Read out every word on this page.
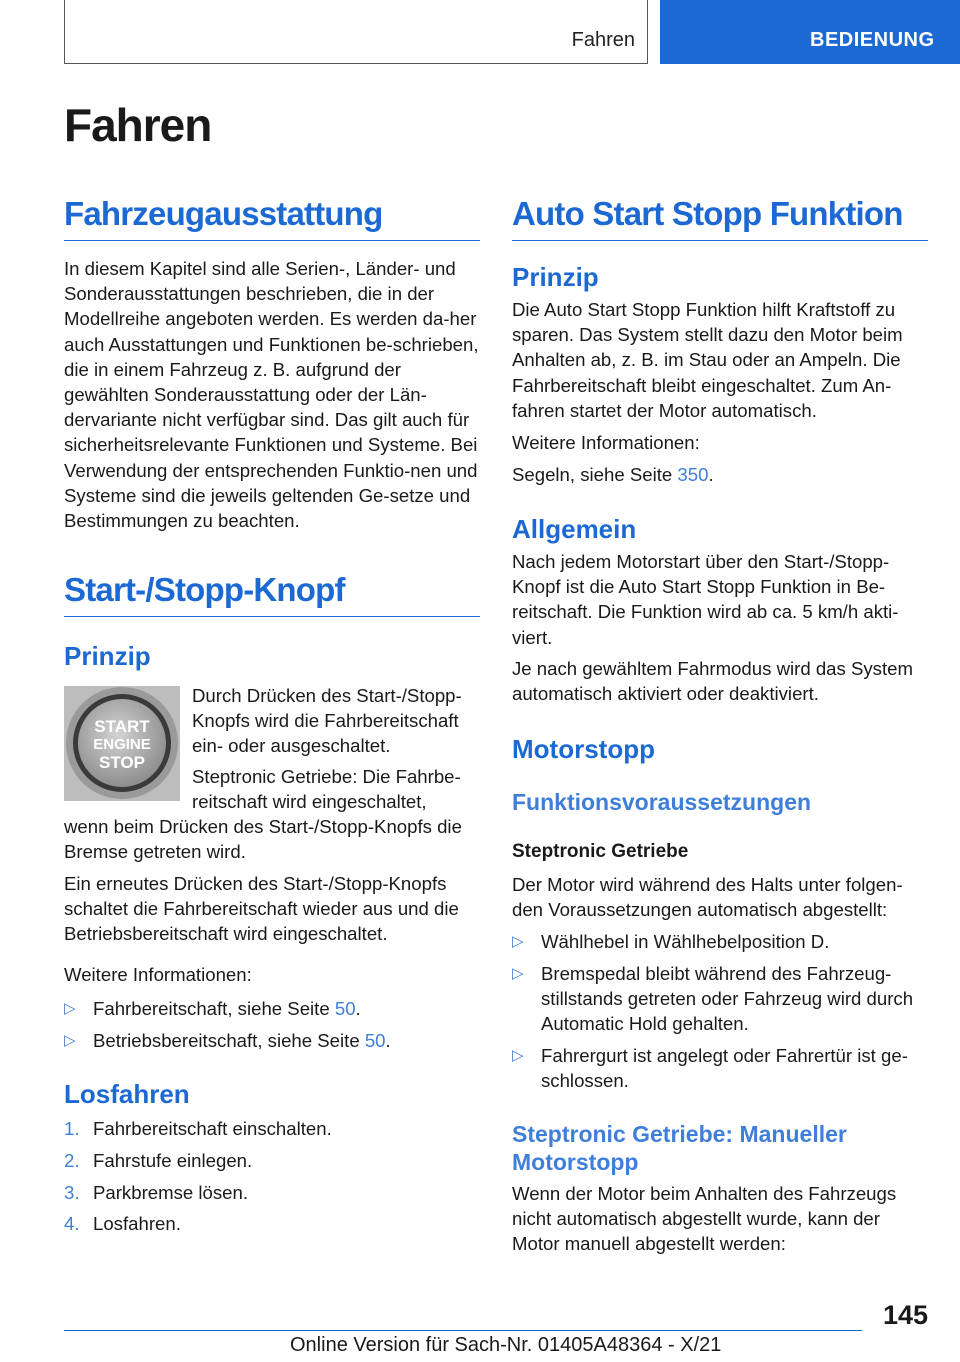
Fahren	BEDIENUNG
Fahren
Fahrzeugausstattung

In diesem Kapitel sind alle Serien-, Länder- und Sonderausstattungen beschrieben, die in der Modellreihe angeboten werden. Es werden da-her auch Ausstattungen und Funktionen be-schrieben, die in einem Fahrzeug z. B. aufgrund der gewählten Sonderausstattung oder der Län-dervariante nicht verfügbar sind. Das gilt auch für sicherheitsrelevante Funktionen und Systeme. Bei Verwendung der entsprechenden Funktio-nen und Systeme sind die jeweils geltenden Ge-setze und Bestimmungen zu beachten.

Start-/Stopp-Knopf
Prinzip
START
ENGINE
STOP

Durch Drücken des Start-/Stopp-Knopfs wird die Fahrbereitschaft ein- oder ausgeschaltet.

Steptronic Getriebe: Die Fahrbe-reitschaft wird eingeschaltet,

wenn beim Drücken des Start-/Stopp-Knopfs die Bremse getreten wird.

Ein erneutes Drücken des Start-/Stopp-Knopfs schaltet die Fahrbereitschaft wieder aus und die Betriebsbereitschaft wird eingeschaltet.

Weitere Informationen:

▷ Fahrbereitschaft, siehe Seite 50.
▷ Betriebsbereitschaft, siehe Seite 50.
Losfahren
1. Fahrbereitschaft einschalten.
2. Fahrstufe einlegen.
3. Parkbremse lösen.
4. Losfahren.
Auto Start Stopp Funktion
Prinzip

Die Auto Start Stopp Funktion hilft Kraftstoff zu sparen. Das System stellt dazu den Motor beim Anhalten ab, z. B. im Stau oder an Ampeln. Die Fahrbereitschaft bleibt eingeschaltet. Zum An-fahren startet der Motor automatisch.

Weitere Informationen:

Segeln, siehe Seite 350.

Allgemein

Nach jedem Motorstart über den Start-/Stopp-Knopf ist die Auto Start Stopp Funktion in Be-reitschaft. Die Funktion wird ab ca. 5 km/h akti-viert.

Je nach gewähltem Fahrmodus wird das System automatisch aktiviert oder deaktiviert.

Motorstopp
Funktionsvoraussetzungen
Steptronic Getriebe

Der Motor wird während des Halts unter folgen-den Voraussetzungen automatisch abgestellt:

▷ Wählhebel in Wählhebelposition D.
▷ Bremspedal bleibt während des Fahrzeug-stillstands getreten oder Fahrzeug wird durch Automatic Hold gehalten.
▷ Fahrergurt ist angelegt oder Fahrertür ist ge-schlossen.
Steptronic Getriebe: Manueller Motorstopp

Wenn der Motor beim Anhalten des Fahrzeugs nicht automatisch abgestellt wurde, kann der Motor manuell abgestellt werden:

145
Online Version für Sach-Nr. 01405A48364 - X/21
